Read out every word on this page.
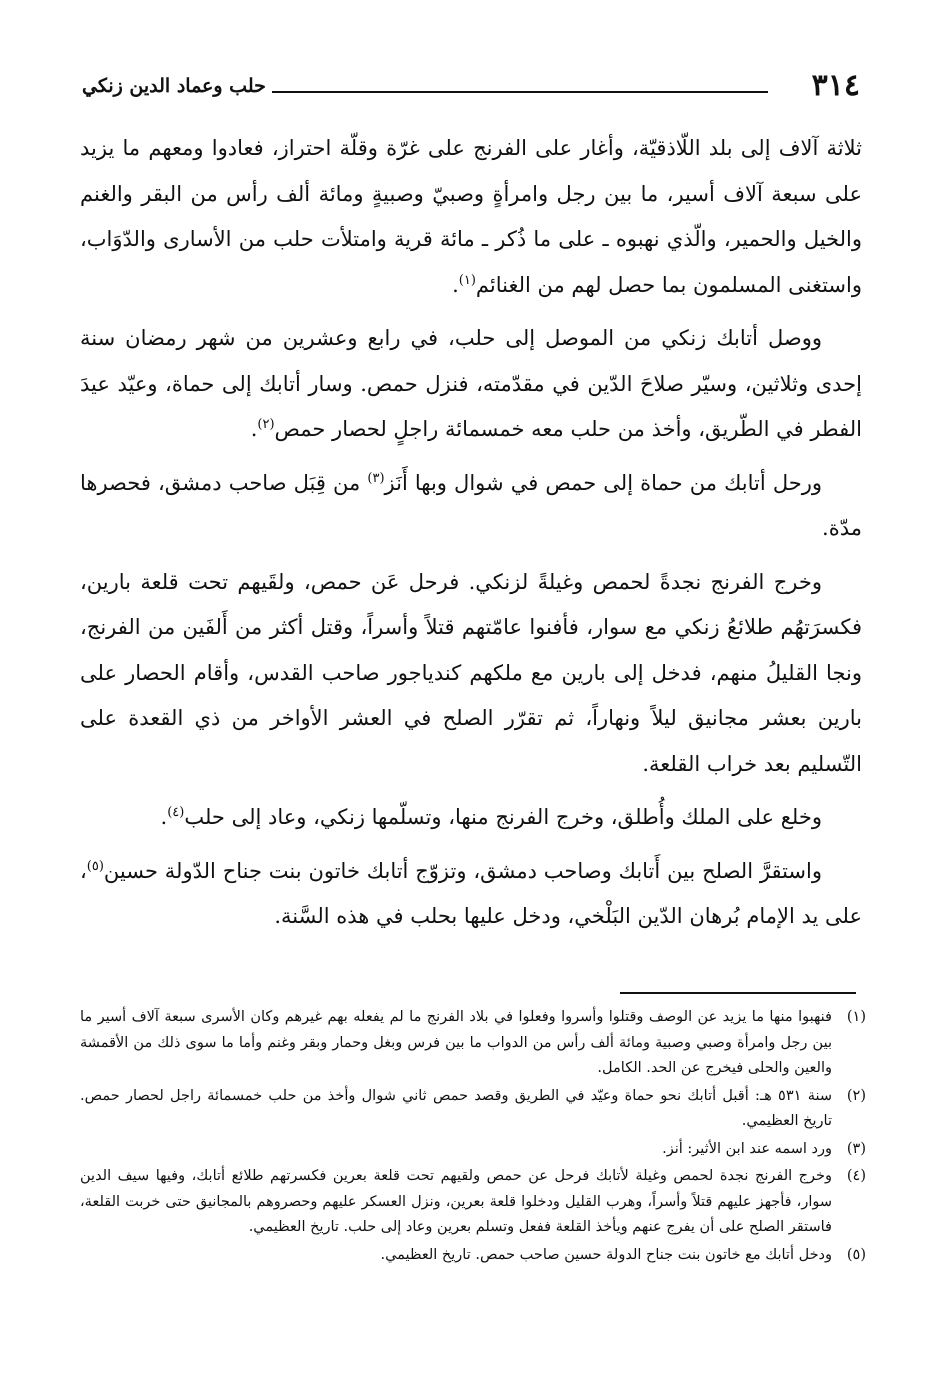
٣١٤
حلب وعماد الدين زنكي

ثلاثة آلاف إلى بلد اللّاذقيّة، وأغار على الفرنج على غرّة وقلّة احتراز، فعادوا ومعهم ما يزيد على سبعة آلاف أسير، ما بين رجل وامرأةٍ وصبيّ وصبيةٍ ومائة ألف رأس من البقر والغنم والخيل والحمير، والّذي نهبوه ـ على ما ذُكر ـ مائة قرية وامتلأت حلب من الأسارى والدّوَاب، واستغنى المسلمون بما حصل لهم من الغنائم$^{(١)}$.

ووصل أتابك زنكي من الموصل إلى حلب، في رابع وعشرين من شهر رمضان سنة إحدى وثلاثين، وسيّر صلاحَ الدّين في مقدّمته، فنزل حمص. وسار أتابك إلى حماة، وعيّد عيدَ الفطر في الطّريق، وأخذ من حلب معه خمسمائة راجلٍ لحصار حمص$^{(٢)}$.

ورحل أتابك من حماة إلى حمص في شوال وبها أَنَز$^{(٣)}$ من قِبَل صاحب دمشق، فحصرها مدّة.

وخرج الفرنج نجدةً لحمص وغيلةً لزنكي. فرحل عَن حمص، ولقَيهم تحت قلعة بارين، فكسرَتهُم طلائعُ زنكي مع سوار، فأفنوا عامّتهم قتلاً وأسراً، وقتل أكثر من أَلفَين من الفرنج، ونجا القليلُ منهم، فدخل إلى بارين مع ملكهم كندياجور صاحب القدس، وأقام الحصار على بارين بعشر مجانيق ليلاً ونهاراً، ثم تقرّر الصلح في العشر الأواخر من ذي القعدة على التّسليم بعد خراب القلعة.

وخلع على الملك وأُطلق، وخرج الفرنج منها، وتسلّمها زنكي، وعاد إلى حلب$^{(٤)}$.

واستقرَّ الصلح بين أَتابك وصاحب دمشق، وتزوّج أتابك خاتون بنت جناح الدّولة حسين$^{(٥)}$، على يد الإمام بُرهان الدّين البَلْخي، ودخل عليها بحلب في هذه السَّنة.

(١)
فنهبوا منها ما يزيد عن الوصف وقتلوا وأسروا وفعلوا في بلاد الفرنج ما لم يفعله بهم غيرهم وكان الأسرى سبعة آلاف أسير ما بين رجل وامرأة وصبي وصبية ومائة ألف رأس من الدواب ما بين فرس وبغل وحمار وبقر وغنم وأما ما سوى ذلك من الأقمشة والعين والحلى فيخرج عن الحد. الكامل.
(٢)
سنة ٥٣١ هـ: أقبل أتابك نحو حماة وعيّد في الطريق وقصد حمص ثاني شوال وأخذ من حلب خمسمائة راجل لحصار حمص. تاريخ العظيمي.
(٣)
ورد اسمه عند ابن الأثير: أنز.
(٤)
وخرج الفرنج نجدة لحمص وغيلة لأتابك فرحل عن حمص ولقيهم تحت قلعة بعرين فكسرتهم طلائع أتابك، وفيها سيف الدين سوار، فأجهز عليهم قتلاً وأسراً، وهرب القليل ودخلوا قلعة بعرين، ونزل العسكر عليهم وحصروهم بالمجانيق حتى خربت القلعة، فاستقر الصلح على أن يفرج عنهم ويأخذ القلعة ففعل وتسلم بعرين وعاد إلى حلب. تاريخ العظيمي.
(٥)
ودخل أتابك مع خاتون بنت جناح الدولة حسين صاحب حمص. تاريخ العظيمي.
